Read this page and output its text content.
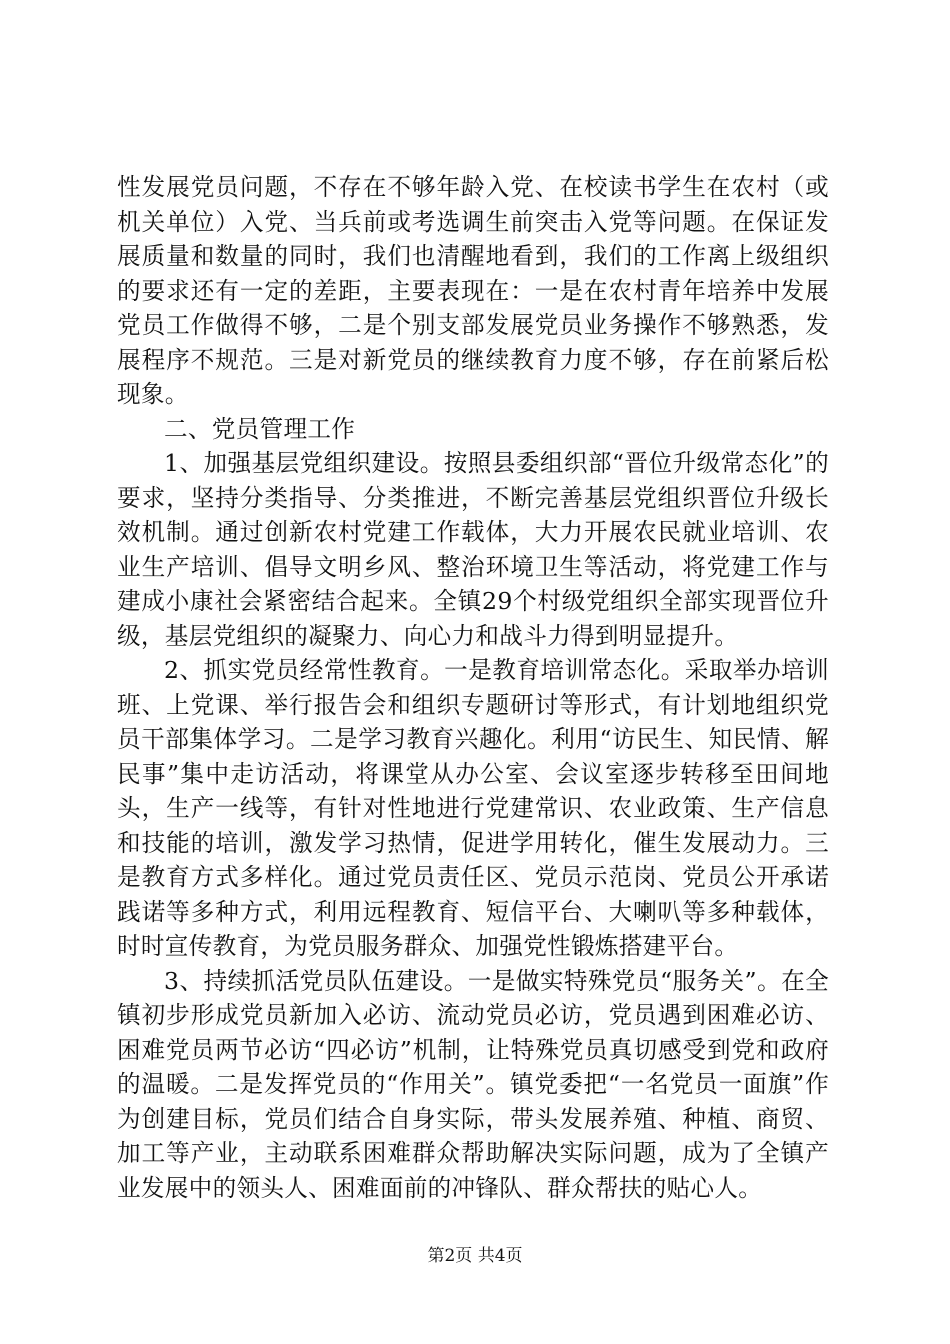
性发展党员问题，不存在不够年龄入党、在校读书学生在农村（或机关单位）入党、当兵前或考选调生前突击入党等问题。在保证发展质量和数量的同时，我们也清醒地看到，我们的工作离上级组织的要求还有一定的差距，主要表现在：一是在农村青年培养中发展党员工作做得不够，二是个别支部发展党员业务操作不够熟悉，发展程序不规范。三是对新党员的继续教育力度不够，存在前紧后松现象。

二、党员管理工作

1、加强基层党组织建设。按照县委组织部“晋位升级常态化”的要求，坚持分类指导、分类推进，不断完善基层党组织晋位升级长效机制。通过创新农村党建工作载体，大力开展农民就业培训、农业生产培训、倡导文明乡风、整治环境卫生等活动，将党建工作与建成小康社会紧密结合起来。全镇29个村级党组织全部实现晋位升级，基层党组织的凝聚力、向心力和战斗力得到明显提升。

2、抓实党员经常性教育。一是教育培训常态化。采取举办培训班、上党课、举行报告会和组织专题研讨等形式，有计划地组织党员干部集体学习。二是学习教育兴趣化。利用“访民生、知民情、解民事”集中走访活动，将课堂从办公室、会议室逐步转移至田间地头，生产一线等，有针对性地进行党建常识、农业政策、生产信息和技能的培训，激发学习热情，促进学用转化，催生发展动力。三是教育方式多样化。通过党员责任区、党员示范岗、党员公开承诺践诺等多种方式，利用远程教育、短信平台、大喇叭等多种载体，时时宣传教育，为党员服务群众、加强党性锻炼搭建平台。

3、持续抓活党员队伍建设。一是做实特殊党员“服务关”。在全镇初步形成党员新加入必访、流动党员必访，党员遇到困难必访、困难党员两节必访“四必访”机制，让特殊党员真切感受到党和政府的温暖。二是发挥党员的“作用关”。镇党委把“一名党员一面旗”作为创建目标，党员们结合自身实际，带头发展养殖、种植、商贸、加工等产业，主动联系困难群众帮助解决实际问题，成为了全镇产业发展中的领头人、困难面前的冲锋队、群众帮扶的贴心人。

第2页 共4页
